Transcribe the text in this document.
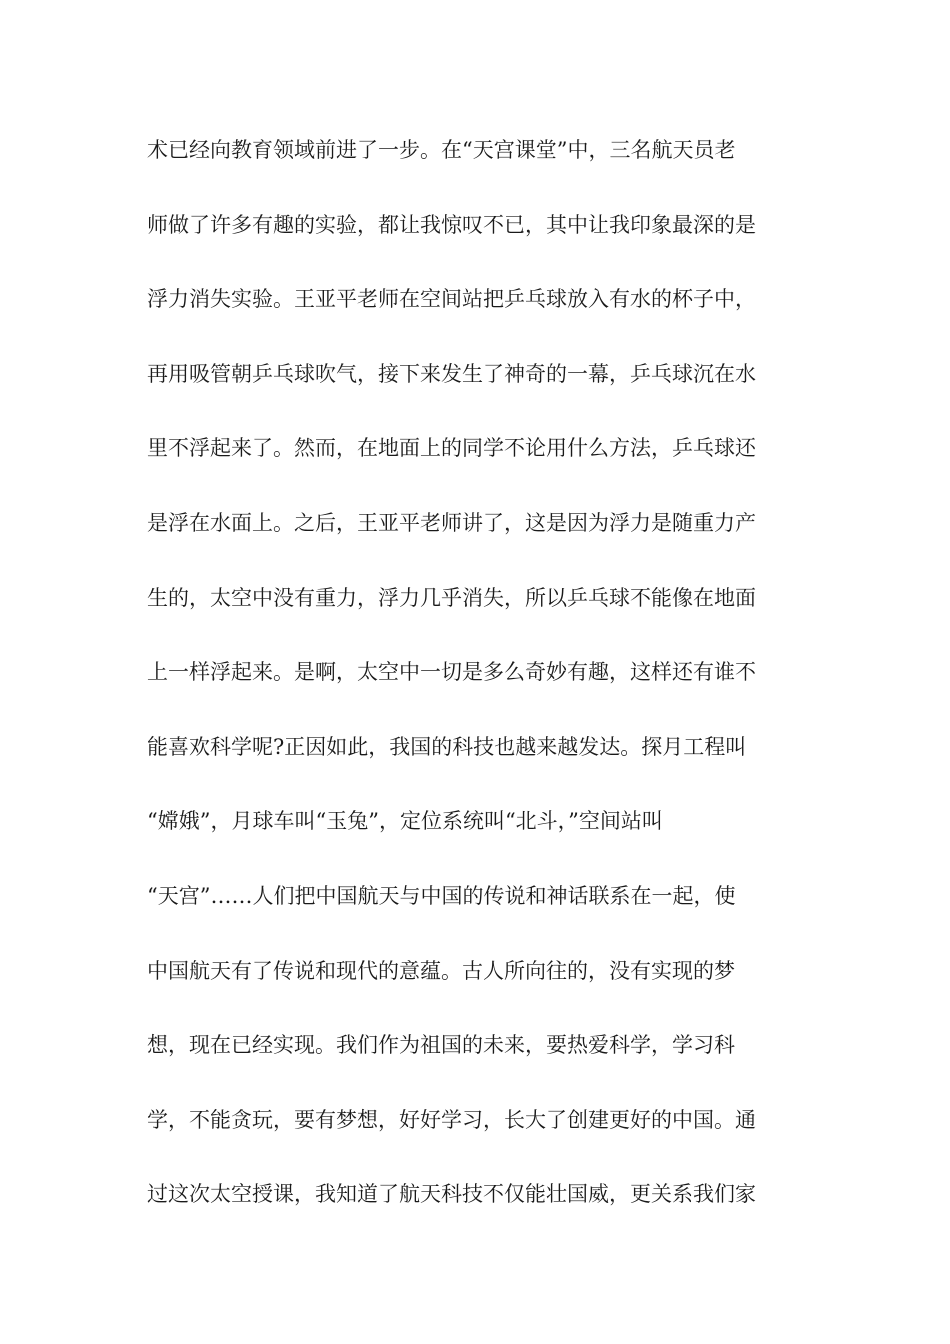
术已经向教育领域前进了一步。在“天宫课堂”中，三名航天员老
师做了许多有趣的实验，都让我惊叹不已，其中让我印象最深的是
浮力消失实验。王亚平老师在空间站把乒乓球放入有水的杯子中，
再用吸管朝乒乓球吹气，接下来发生了神奇的一幕，乒乓球沉在水
里不浮起来了。然而，在地面上的同学不论用什么方法，乒乓球还
是浮在水面上。之后，王亚平老师讲了，这是因为浮力是随重力产
生的，太空中没有重力，浮力几乎消失，所以乒乓球不能像在地面
上一样浮起来。是啊，太空中一切是多么奇妙有趣，这样还有谁不
能喜欢科学呢?正因如此，我国的科技也越来越发达。探月工程叫
“嫦娥”，月球车叫“玉兔”，定位系统叫“北斗，”空间站叫
“天宫”……人们把中国航天与中国的传说和神话联系在一起，使
中国航天有了传说和现代的意蕴。古人所向往的，没有实现的梦
想，现在已经实现。我们作为祖国的未来，要热爱科学，学习科
学，不能贪玩，要有梦想，好好学习，长大了创建更好的中国。通
过这次太空授课，我知道了航天科技不仅能壮国威，更关系我们家
